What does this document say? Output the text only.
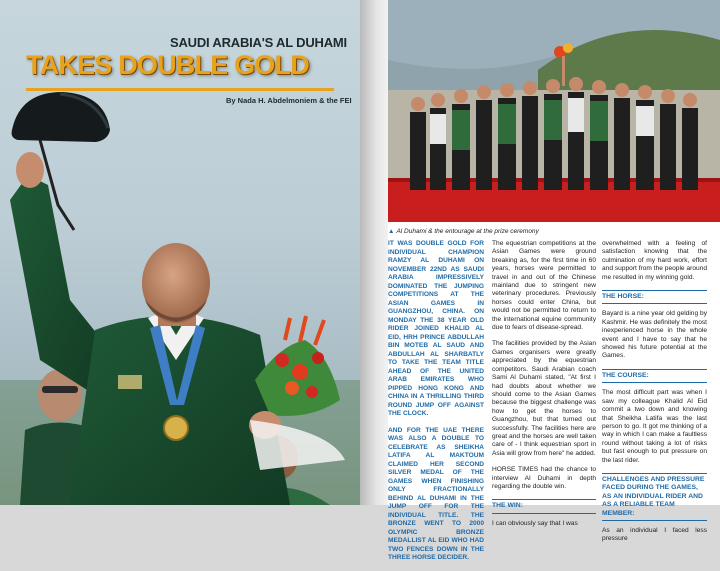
SAUDI ARABIA'S AL DUHAMI
TAKES DOUBLE GOLD
By Nada H. Abdelmoniem & the FEI
▲ Al Duhami & the entourage at the prize ceremony

IT WAS DOUBLE GOLD FOR INDIVIDUAL CHAMPION RAMZY AL DUHAMI ON NOVEMBER 22ND AS SAUDI ARABIA IMPRESSIVELY DOMINATED THE JUMPING COMPETITIONS AT THE ASIAN GAMES IN GUANGZHOU, CHINA. ON MONDAY THE 38 YEAR OLD RIDER JOINED KHALID AL EID, HRH PRINCE ABDULLAH BIN MOTEB AL SAUD AND ABDULLAH AL SHARBATLY TO TAKE THE TEAM TITLE AHEAD OF THE UNITED ARAB EMIRATES WHO PIPPED HONG KONG AND CHINA IN A THRILLING THIRD ROUND JUMP OFF AGAINST THE CLOCK.

AND FOR THE UAE THERE WAS ALSO A DOUBLE TO CELEBRATE AS SHEIKHA LATIFA AL MAKTOUM CLAIMED HER SECOND SILVER MEDAL OF THE GAMES WHEN FINISHING ONLY FRACTIONALLY BEHIND AL DUHAMI IN THE JUMP OFF FOR THE INDIVIDUAL TITLE. THE BRONZE WENT TO 2000 OLYMPIC BRONZE MEDALLIST AL EID WHO HAD TWO FENCES DOWN IN THE THREE HORSE DECIDER.

The equestrian competitions at the Asian Games were ground breaking as, for the first time in 60 years, horses were permitted to travel in and out of the Chinese mainland due to stringent new veterinary procedures. Previously horses could enter China, but would not be permitted to return to the international equine community due to fears of disease-spread.

The facilities provided by the Asian Games organisers were greatly appreciated by the equestrian competitors. Saudi Arabian coach Sami Al Duhami stated, "At first I had doubts about whether we should come to the Asian Games because the biggest challenge was how to get the horses to Guangzhou, but that turned out successfully. The facilities here are great and the horses are well taken care of - I think equestrian sport in Asia will grow from here" he added.

HORSE TIMES had the chance to interview Al Duhami in depth regarding the double win.

THE WIN:

I can obviously say that I was

overwhelmed with a feeling of satisfaction knowing that the culmination of my hard work, effort and support from the people around me resulted in my winning gold.

THE HORSE:

Bayard is a nine year old gelding by Kashmir. He was definitely the most inexperienced horse in the whole event and I have to say that he showed his future potential at the Games.

THE COURSE:

The most difficult part was when I saw my colleague Khalid Al Eid commit a two down and knowing that Sheikha Latifa was the last person to go. It got me thinking of a way in which I can make a faultless round without taking a lot of risks but fast enough to put pressure on the last rider.

CHALLENGES AND PRESSURE FACED DURING THE GAMES, AS AN INDIVIDUAL RIDER AND AS A RELIABLE TEAM MEMBER:

As an individual I faced less pressure
